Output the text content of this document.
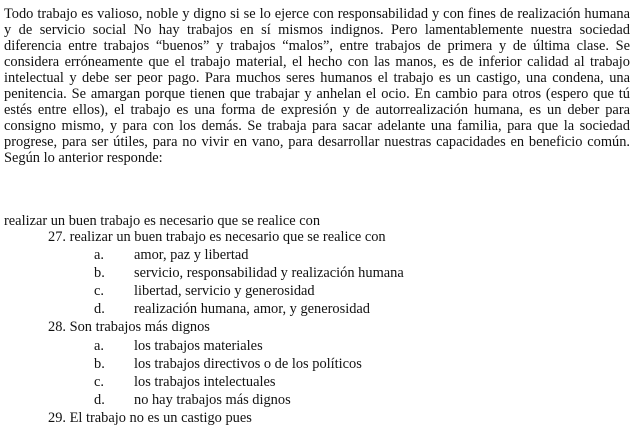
Todo trabajo es valioso, noble y digno si se lo ejerce con responsabilidad y con fines de realización humana y de servicio social No hay trabajos en sí mismos indignos. Pero lamentablemente nuestra sociedad diferencia entre trabajos “buenos” y trabajos “malos”, entre trabajos de primera y de última clase. Se considera erróneamente que el trabajo material, el hecho con las manos, es de inferior calidad al trabajo intelectual y debe ser peor pago. Para muchos seres humanos el trabajo es un castigo, una condena, una penitencia. Se amargan porque tienen que trabajar y anhelan el ocio. En cambio para otros (espero que tú estés entre ellos), el trabajo es una forma de expresión y de autorrealización humana, es un deber para consigno mismo, y para con los demás. Se trabaja para sacar adelante una familia, para que la sociedad progrese, para ser útiles, para no vivir en vano, para desarrollar nuestras capacidades en beneficio común. Según lo anterior responde:

realizar un buen trabajo es necesario que se realice con
27. realizar un buen trabajo es necesario que se realice con
a. amor, paz y libertad
b. servicio, responsabilidad y realización humana
c. libertad, servicio y generosidad
d. realización humana, amor, y generosidad
28. Son trabajos más dignos
a. los trabajos materiales
b. los trabajos directivos o de los políticos
c. los trabajos intelectuales
d. no hay trabajos más dignos
29. El trabajo no es un castigo pues
